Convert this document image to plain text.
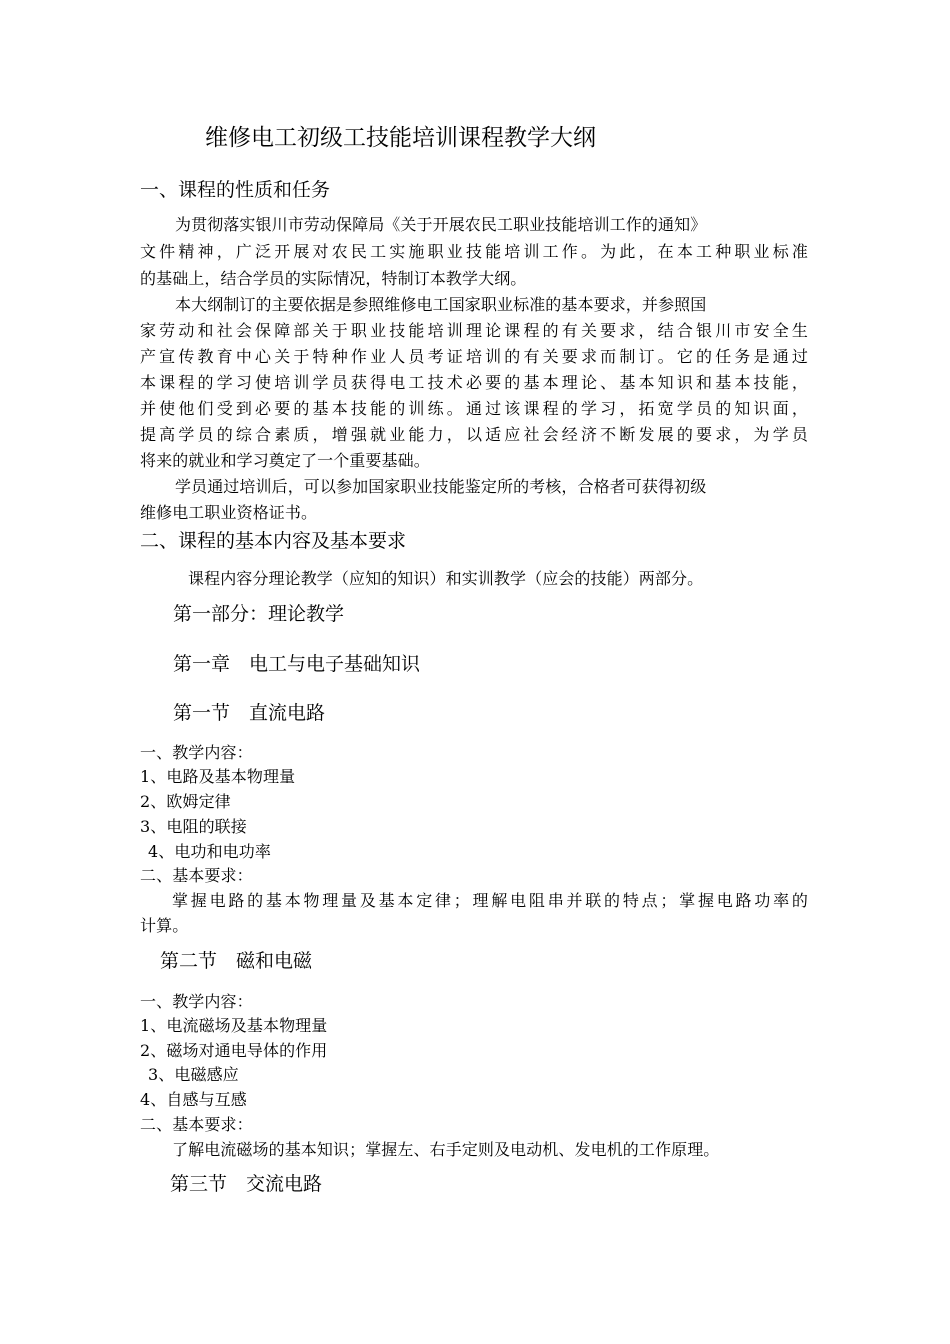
维修电工初级工技能培训课程教学大纲
一、课程的性质和任务
为贯彻落实银川市劳动保障局《关于开展农民工职业技能培训工作的通知》
文件精神，广泛开展对农民工实施职业技能培训工作。为此，在本工种职业标准
的基础上，结合学员的实际情况，特制订本教学大纲。
本大纲制订的主要依据是参照维修电工国家职业标准的基本要求，并参照国
家劳动和社会保障部关于职业技能培训理论课程的有关要求，结合银川市安全生
产宣传教育中心关于特种作业人员考证培训的有关要求而制订。它的任务是通过
本课程的学习使培训学员获得电工技术必要的基本理论、基本知识和基本技能，
并使他们受到必要的基本技能的训练。通过该课程的学习，拓宽学员的知识面，
提高学员的综合素质，增强就业能力，以适应社会经济不断发展的要求，为学员
将来的就业和学习奠定了一个重要基础。
学员通过培训后，可以参加国家职业技能鉴定所的考核，合格者可获得初级
维修电工职业资格证书。
二、课程的基本内容及基本要求
课程内容分理论教学（应知的知识）和实训教学（应会的技能）两部分。
第一部分：理论教学
第一章　电工与电子基础知识
第一节　直流电路
一、教学内容：
1、电路及基本物理量
2、欧姆定律
3、电阻的联接
4、电功和电功率
二、基本要求：
掌握电路的基本物理量及基本定律；理解电阻串并联的特点；掌握电路功率的
计算。
第二节　磁和电磁
一、教学内容：
1、电流磁场及基本物理量
2、磁场对通电导体的作用
3、电磁感应
4、自感与互感
二、基本要求：
了解电流磁场的基本知识；掌握左、右手定则及电动机、发电机的工作原理。
第三节　交流电路
